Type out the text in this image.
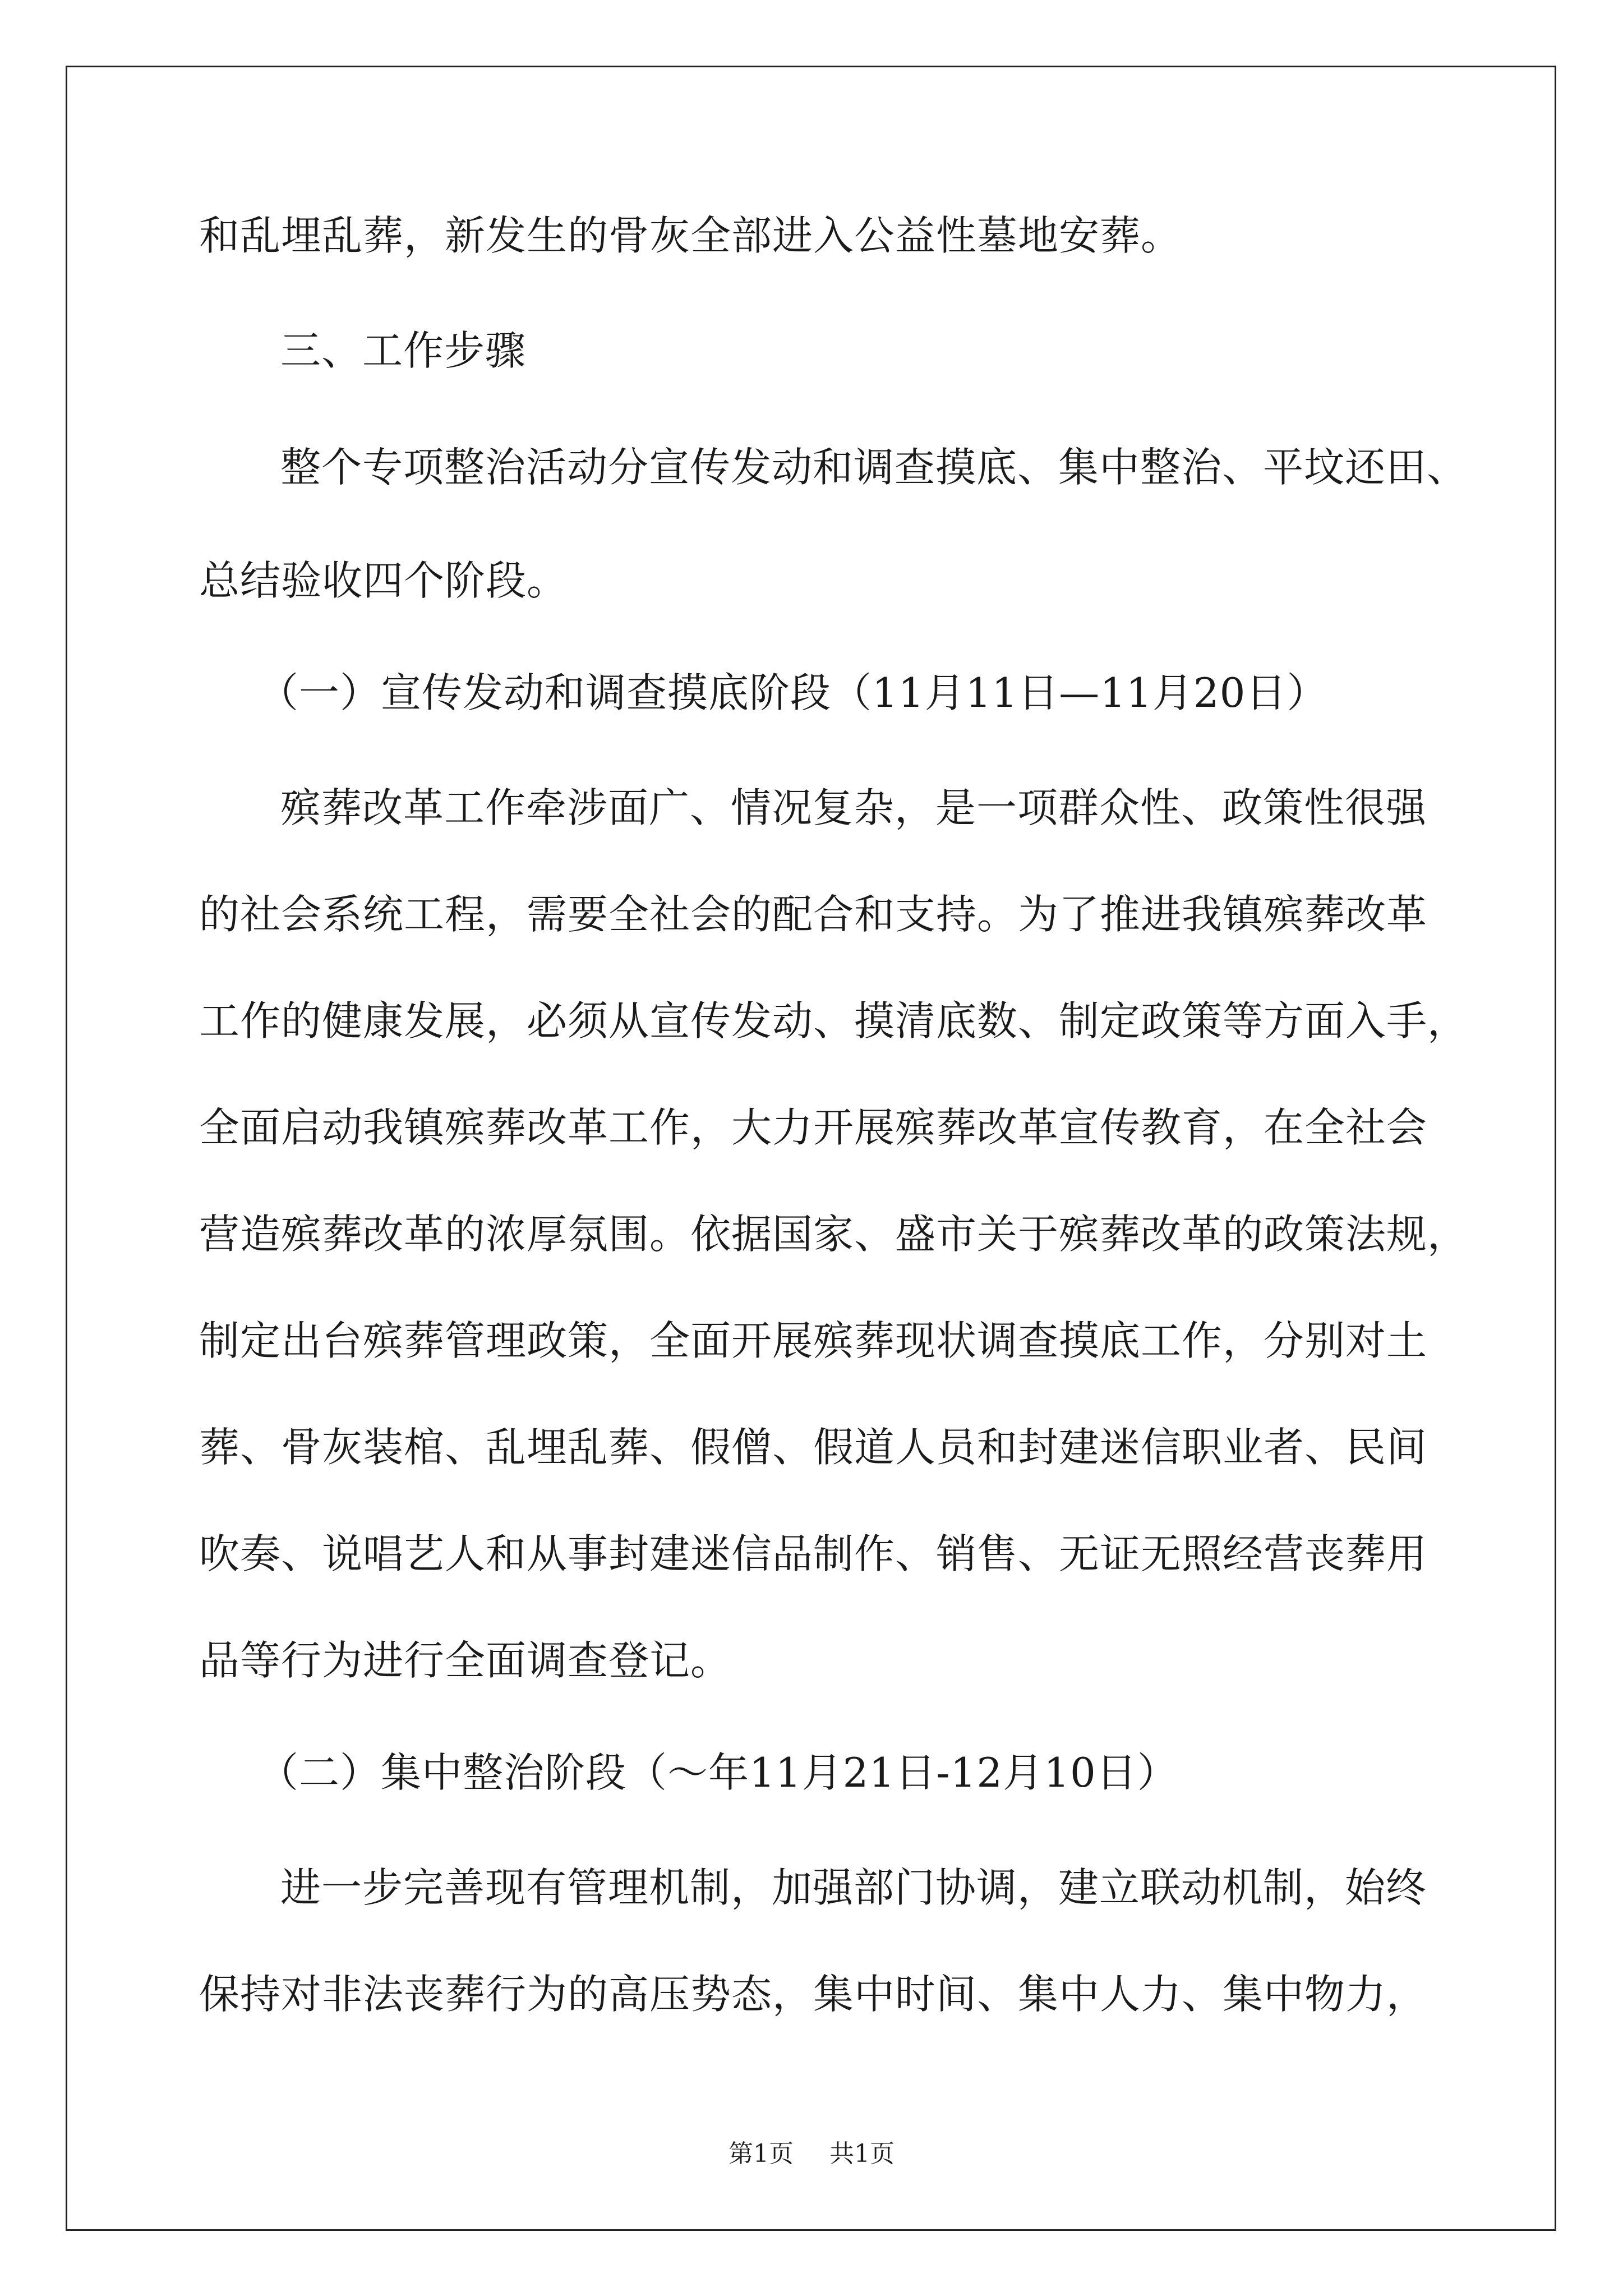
和乱埋乱葬，新发生的骨灰全部进入公益性墓地安葬。
三、工作步骤
整个专项整治活动分宣传发动和调查摸底、集中整治、平坟还田、
总结验收四个阶段。
（一）宣传发动和调查摸底阶段（11月11日—11月20日）
殡葬改革工作牵涉面广、情况复杂，是一项群众性、政策性很强
的社会系统工程，需要全社会的配合和支持。为了推进我镇殡葬改革
工作的健康发展，必须从宣传发动、摸清底数、制定政策等方面入手，
全面启动我镇殡葬改革工作，大力开展殡葬改革宣传教育，在全社会
营造殡葬改革的浓厚氛围。依据国家、盛市关于殡葬改革的政策法规，
制定出台殡葬管理政策，全面开展殡葬现状调查摸底工作，分别对土
葬、骨灰装棺、乱埋乱葬、假僧、假道人员和封建迷信职业者、民间
吹奏、说唱艺人和从事封建迷信品制作、销售、无证无照经营丧葬用
品等行为进行全面调查登记。
（二）集中整治阶段（～年11月21日-12月10日）
进一步完善现有管理机制，加强部门协调，建立联动机制，始终
保持对非法丧葬行为的高压势态，集中时间、集中人力、集中物力，
第1页 共1页
